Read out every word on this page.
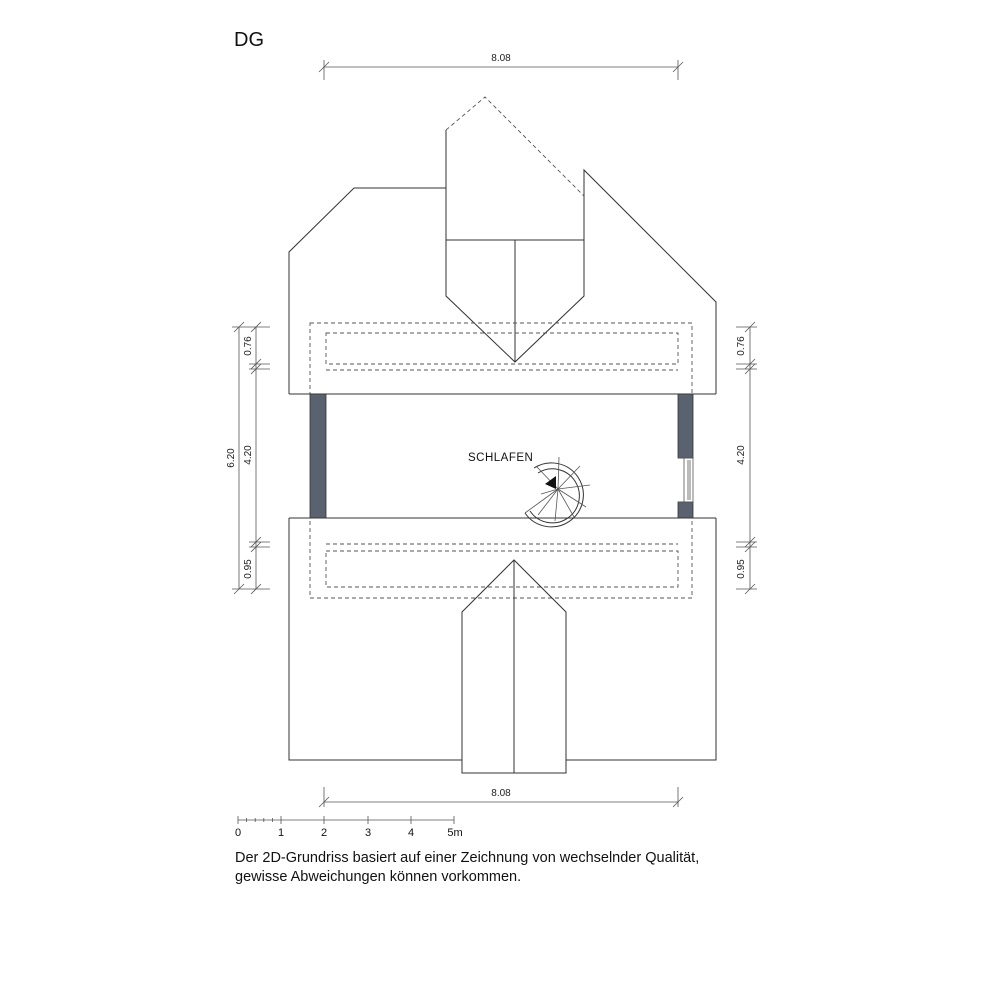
DG
8.08
SCHLAFEN
8.08
6.20
0.76
4.20
0.95
0.76
4.20
0.95
0	1	2	3	4	5m
Der 2D-Grundriss basiert auf einer Zeichnung von wechselnder Qualität,
gewisse Abweichungen können vorkommen.
